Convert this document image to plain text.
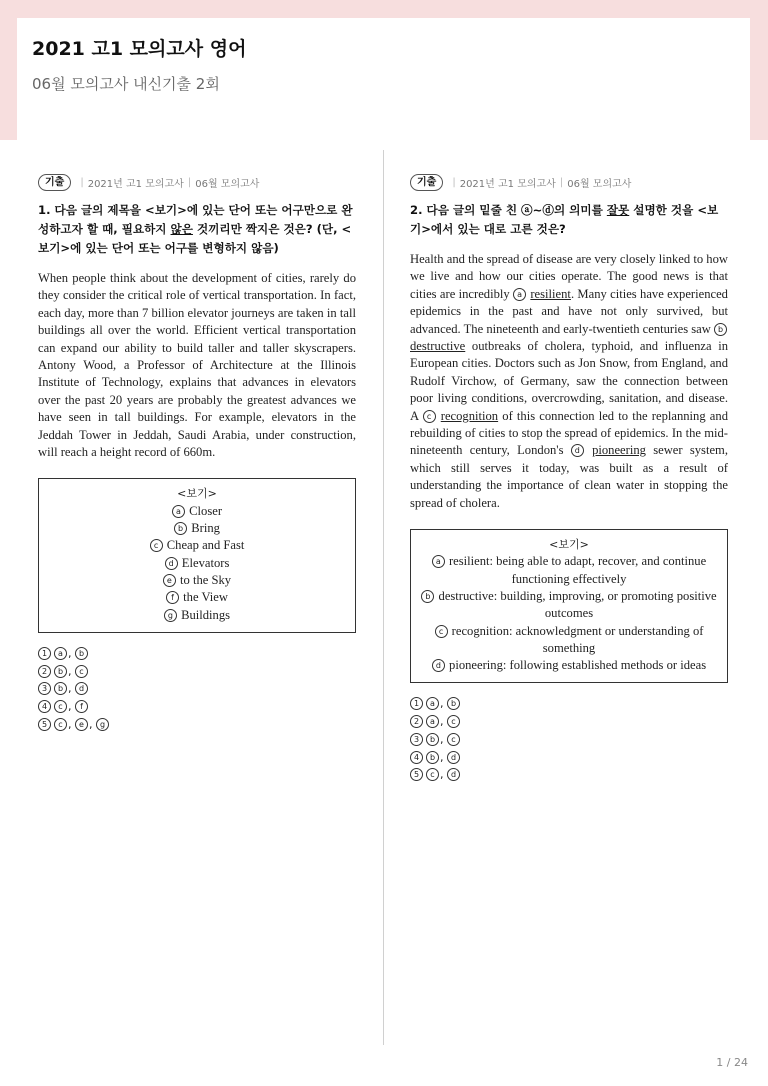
2021 고1 모의고사 영어
06월 모의고사 내신기출 2회
기출	| 2021년 고1 모의고사 | 06월 모의고사
1. 다음 글의 제목을 <보기>에 있는 단어 또는 어구만으로 완성하고자 할 때, 필요하지 않은 것끼리만 짝지은 것은? (단, <보기>에 있는 단어 또는 어구를 변형하지 않음)
When people think about the development of cities, rarely do they consider the critical role of vertical transportation. In fact, each day, more than 7 billion elevator journeys are taken in tall buildings all over the world. Efficient vertical transportation can expand our ability to build taller and taller skyscrapers. Antony Wood, a Professor of Architecture at the Illinois Institute of Technology, explains that advances in elevators over the past 20 years are probably the greatest advances we have seen in tall buildings. For example, elevators in the Jeddah Tower in Jeddah, Saudi Arabia, under construction, will reach a height record of 660m.
<보기>
a Closer
b Bring
c Cheap and Fast
d Elevators
e to the Sky
f the View
g Buildings
1 a , b
2 b , c
3 b , d
4 c , f
5 c , e , g
기출	| 2021년 고1 모의고사 | 06월 모의고사
2. 다음 글의 밑줄 친 ⓐ~ⓓ의 의미를 잘못 설명한 것을 <보기>에서 있는 대로 고른 것은?
Health and the spread of disease are very closely linked to how we live and how our cities operate. The good news is that cities are incredibly a resilient. Many cities have experienced epidemics in the past and have not only survived, but advanced. The nineteenth and early-twentieth centuries saw b destructive outbreaks of cholera, typhoid, and influenza in European cities. Doctors such as Jon Snow, from England, and Rudolf Virchow, of Germany, saw the connection between poor living conditions, overcrowding, sanitation, and disease. A c recognition of this connection led to the replanning and rebuilding of cities to stop the spread of epidemics. In the mid-nineteenth century, London's d pioneering sewer system, which still serves it today, was built as a result of understanding the importance of clean water in stopping the spread of cholera.
<보기>
a resilient: being able to adapt, recover, and continue functioning effectively
b destructive: building, improving, or promoting positive outcomes
c recognition: acknowledgment or understanding of something
d pioneering: following established methods or ideas
1 a , b
2 a , c
3 b , c
4 b , d
5 c , d
1 / 24
